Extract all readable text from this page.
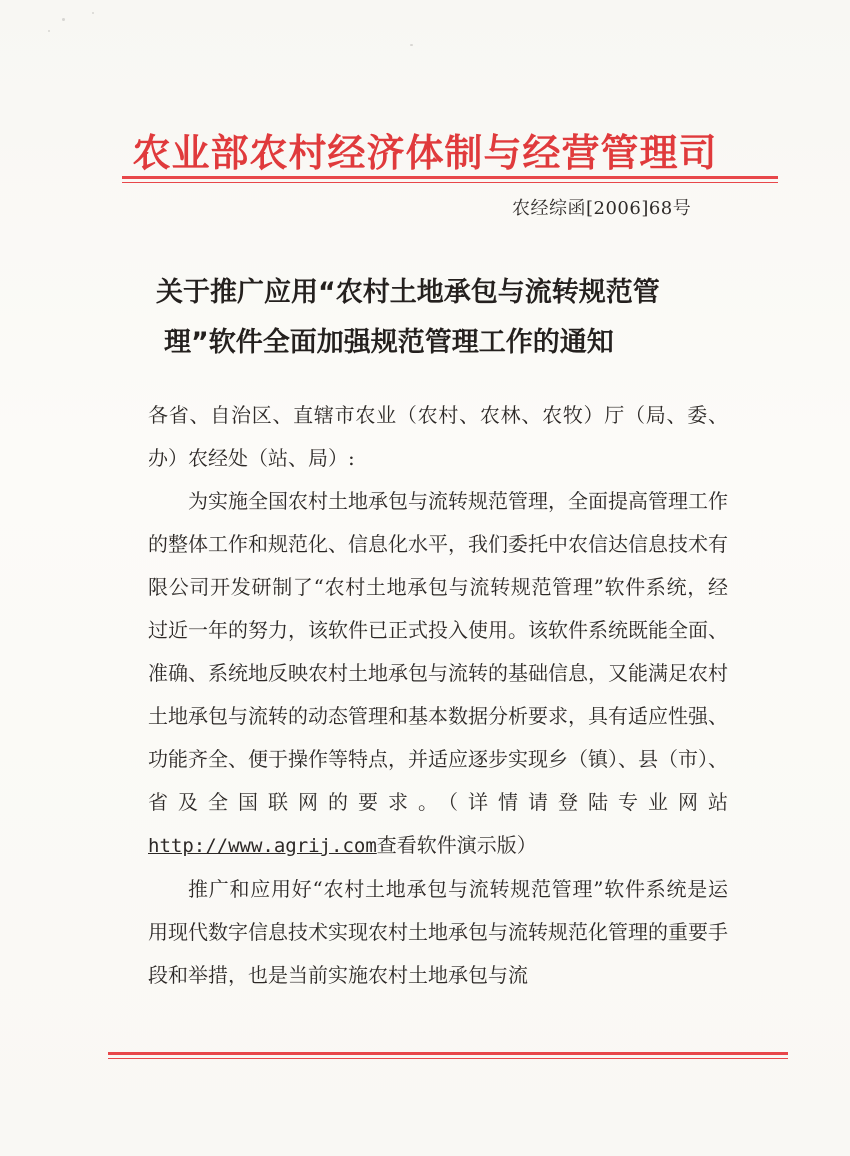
农业部农村经济体制与经营管理司
农经综函[2006]68号
关于推广应用“农村土地承包与流转规范管
理”软件全面加强规范管理工作的通知

各省、自治区、直辖市农业（农村、农林、农牧）厅（局、委、办）农经处（站、局）:

为实施全国农村土地承包与流转规范管理，全面提高管理工作的整体工作和规范化、信息化水平，我们委托中农信达信息技术有限公司开发研制了“农村土地承包与流转规范管理”软件系统，经过近一年的努力，该软件已正式投入使用。该软件系统既能全面、准确、系统地反映农村土地承包与流转的基础信息，又能满足农村土地承包与流转的动态管理和基本数据分析要求，具有适应性强、功能齐全、便于操作等特点，并适应逐步实现乡（镇）、县（市）、省及全国联网的要求。（详情请登陆专业网站http://www.agrij.com查看软件演示版）

推广和应用好“农村土地承包与流转规范管理”软件系统是运用现代数字信息技术实现农村土地承包与流转规范化管理的重要手段和举措，也是当前实施农村土地承包与流
